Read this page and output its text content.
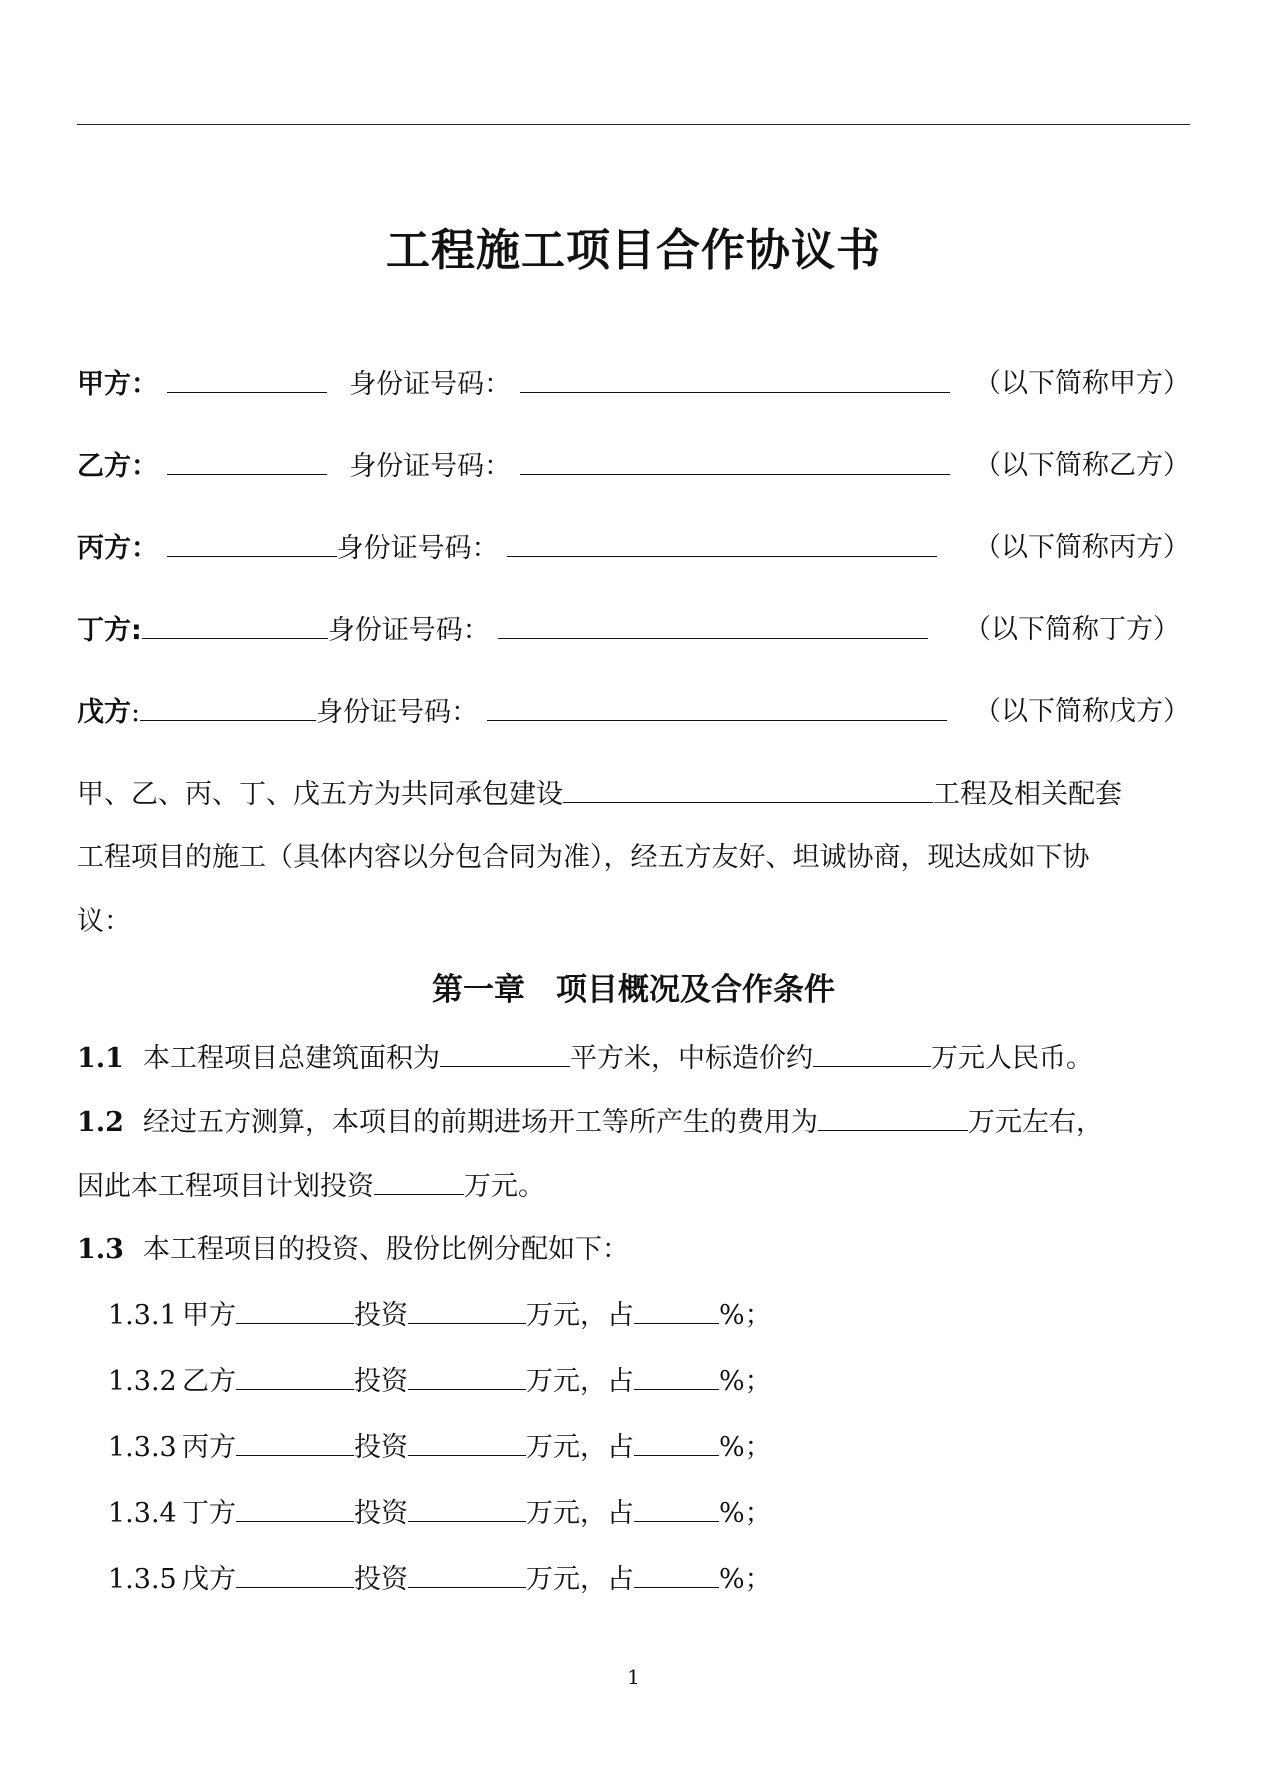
工程施工项目合作协议书
甲方：	身份证号码：	（以下简称甲方）
乙方：	身份证号码：	（以下简称乙方）
丙方：	身份证号码：	（以下简称丙方）
丁方:	身份证号码：	（以下简称丁方）
戊方:	身份证号码：	（以下简称戊方）
甲、乙、丙、丁、戊五方为共同承包建设	工程及相关配套
工程项目的施工（具体内容以分包合同为准），经五方友好、坦诚协商，现达成如下协
议：
第一章　项目概况及合作条件
1.1 本工程项目总建筑面积为	平方米，中标造价约	万元人民币。
1.2 经过五方测算，本项目的前期进场开工等所产生的费用为	万元左右，
因此本工程项目计划投资	万元。
1.3 本工程项目的投资、股份比例分配如下：
1.3.1 甲方	投资	万元，占	%；
1.3.2 乙方	投资	万元，占	%；
1.3.3 丙方	投资	万元，占	%；
1.3.4 丁方	投资	万元，占	%；
1.3.5 戊方	投资	万元，占	%；
1
